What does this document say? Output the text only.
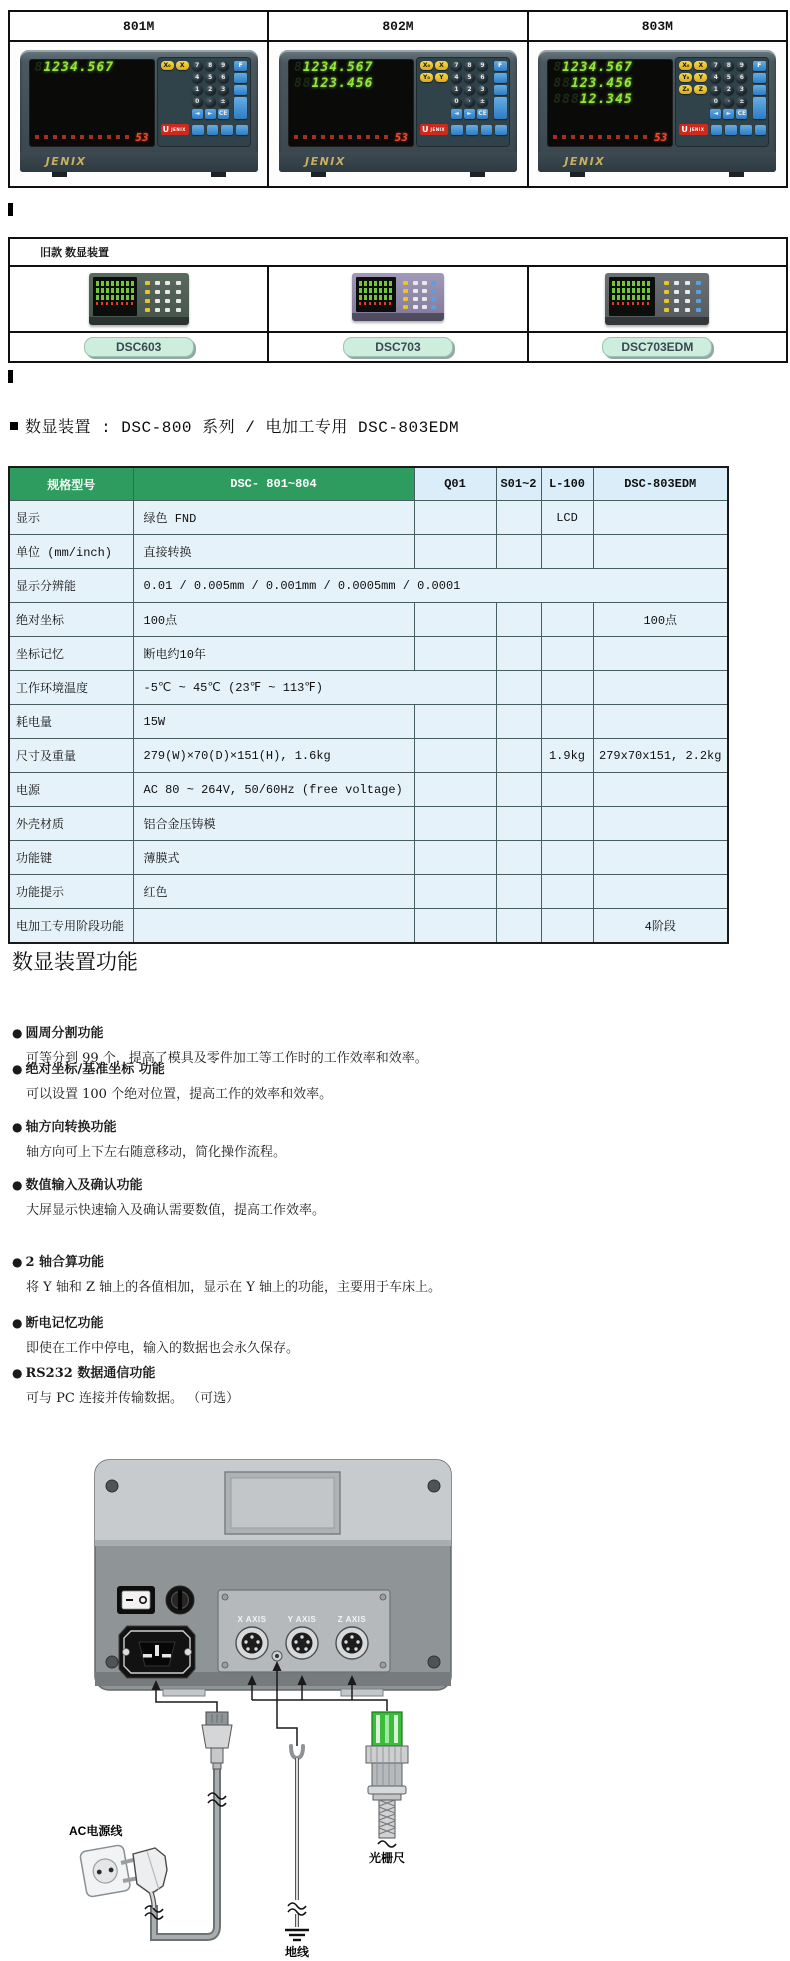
801M	802M	803M

81234.567
53
X₀	X	7	8	9
4	5	6
1	2	3
0	·	±
◄	►	CE
F
U JENIX
JENIX

81234.567
88123.456
53
X₀	X
Y₀	Y
7	8	9
4	5	6
1	2	3
0	·	±
◄	►	CE
F
U JENIX
JENIX

81234.567
88123.456
88812.345
53
X₀	X
Y₀	Y
Z₀	Z
7	8	9
4	5	6
1	2	3
0	·	±
◄	►	CE
F
U JENIX
JENIX
旧款 数显装置		

DSC603	DSC703	DSC703EDM
数显装置 : DSC-800 系列 / 电加工专用 DSC-803EDM
规格型号	DSC- 801~804	Q01	S01~2	L-100	DSC-803EDM
显示	绿色 FND			LCD	
单位 (mm/inch)	直接转换				
显示分辨能	0.01 / 0.005mm / 0.001mm / 0.0005mm / 0.0001				
绝对坐标	100点				100点
坐标记忆	断电约10年				
工作环境温度	-5℃ ~ 45℃ (23℉ ~ 113℉)				
耗电量	15W				
尺寸及重量	279(W)×70(D)×151(H), 1.6kg			1.9kg	279x70x151, 2.2kg
电源	AC 80 ~ 264V, 50/60Hz (free voltage)				
外壳材质	铝合金压铸模				
功能键	薄膜式				
功能提示	红色				
电加工专用阶段功能					4阶段
数显装置功能
● 圆周分割功能
可等分到 99 个，提高了模具及零件加工等工作时的工作效率和效率。
● 绝对坐标/基准坐标 功能
可以设置 100 个绝对位置，提高工作的效率和效率。
● 轴方向转换功能
轴方向可上下左右随意移动，简化操作流程。
● 数值输入及确认功能
大屏显示快速输入及确认需要数值，提高工作效率。
● 2 轴合算功能
将 Y 轴和 Z 轴上的各值相加，显示在 Y 轴上的功能，主要用于车床上。
● 断电记忆功能
即使在工作中停电，输入的数据也会永久保存。
● RS232 数据通信功能
可与 PC 连接并传输数据。 （可选）
X AXIS	Y AXIS	Z AXIS
AC电源线
地线
光栅尺
